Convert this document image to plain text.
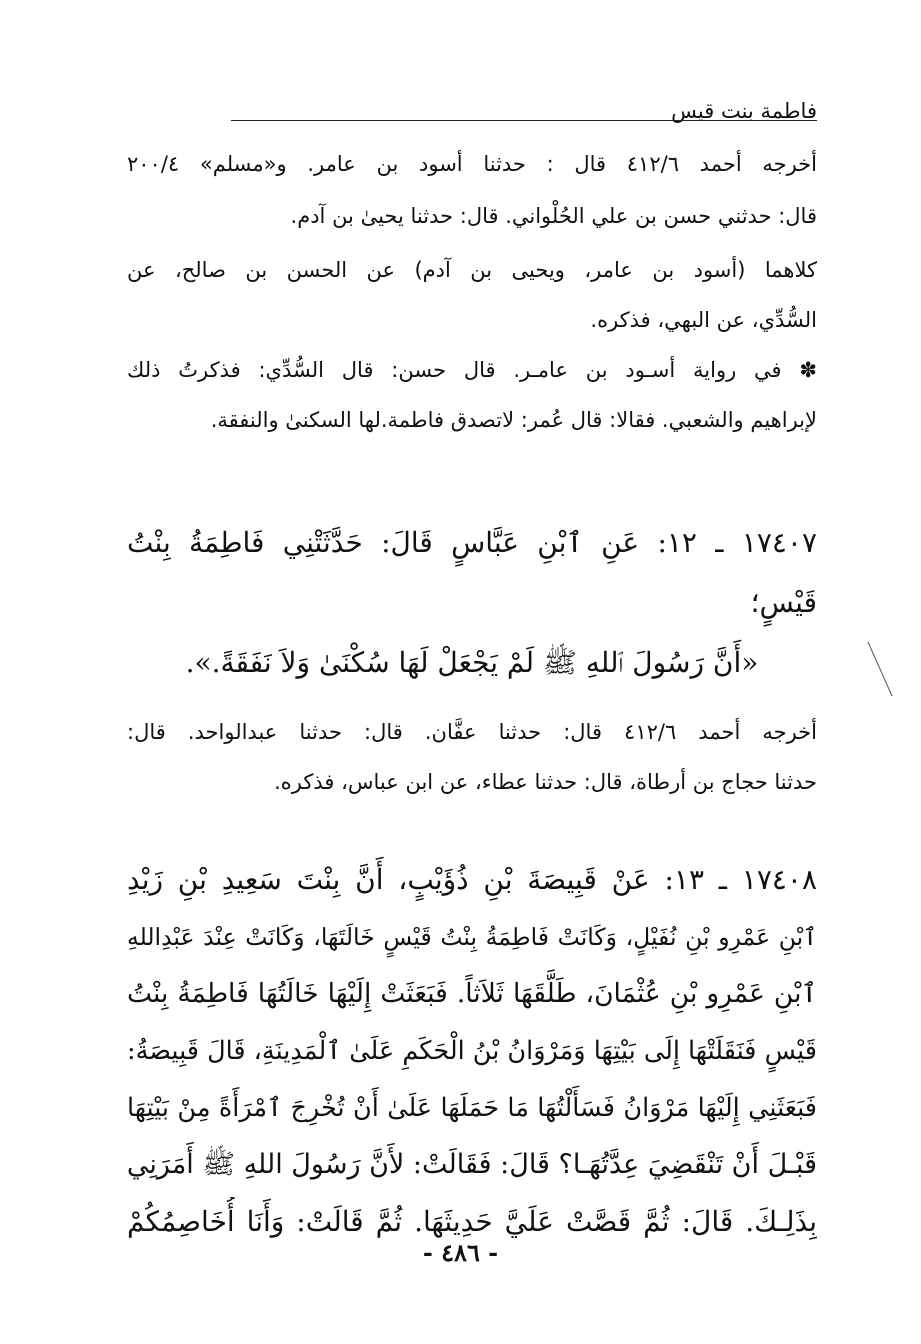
فاطمة بنت قيس
أخرجه أحمد ٤١٢/٦ قال : حدثنا أسود بن عامر. و«مسلم» ٢٠٠/٤
قال: حدثني حسن بن علي الحُلْواني. قال: حدثنا يحيىٰ بن آدم.
كلاهما (أسود بن عامر، ويحيى بن آدم) عن الحسن بن صالح، عن
السُّدِّي، عن البهي، فذكره.
✽ في رواية أسـود بن عامـر. قال حسن: قال السُّدِّي: فذكرتُ ذلك
لإبراهيم والشعبي. فقالا: قال عُمر: لاتصدق فاطمة.لها السكنىٰ والنفقة.
١٧٤٠٧ ـ ١٢: عَنِ ٱبْنِ عَبَّاسٍ قَالَ: حَدَّثَتْنِي فَاطِمَةُ بِنْتُ
قَيْسٍ؛
«أَنَّ رَسُولَ ٱللهِ ﷺ لَمْ يَجْعَلْ لَهَا سُكْنَىٰ وَلاَ نَفَقَةً.».
أخرجه أحمد ٤١٢/٦ قال: حدثنا عفَّان. قال: حدثنا عبدالواحد. قال:
حدثنا حجاج بن أرطاة، قال: حدثنا عطاء، عن ابن عباس، فذكره.
١٧٤٠٨ ـ ١٣: عَنْ قَبِيصَةَ بْنِ ذُؤَيْبٍ، أَنَّ بِنْتَ سَعِيدِ بْنِ زَيْدِ
ٱبْنِ عَمْرِو بْنِ نُفَيْلٍ، وَكَانَتْ فَاطِمَةُ بِنْتُ قَيْسٍ خَالَتَهَا، وَكَانَتْ عِنْدَ عَبْدِاللهِ
ٱبْنِ عَمْرِو بْنِ عُثْمَانَ، طَلَّقَهَا ثَلاَثاً. فَبَعَثَتْ إِلَيْهَا خَالَتُهَا فَاطِمَةُ بِنْتُ
قَيْسٍ فَنَقَلَتْهَا إِلَى بَيْتِهَا وَمَرْوَانُ بْنُ الْحَكَمِ عَلَىٰ ٱلْمَدِينَةِ، قَالَ قَبِيصَةُ:
فَبَعَثَنِي إِلَيْهَا مَرْوَانُ فَسَأَلْتُهَا مَا حَمَلَهَا عَلَىٰ أَنْ تُخْرِجَ ٱمْرَأَةً مِنْ بَيْتِهَا
قَبْـلَ أَنْ تَنْقَضِيَ عِدَّتُهَـا؟ قَالَ: فَقَالَتْ: لأَنَّ رَسُولَ اللهِ ﷺ أَمَرَنِي
بِذَلِـكَ. قَالَ: ثُمَّ قَصَّتْ عَلَيَّ حَدِيثَهَا. ثُمَّ قَالَتْ: وَأَنَا أُخَاصِمُكُمْ
- ٤٨٦ -
